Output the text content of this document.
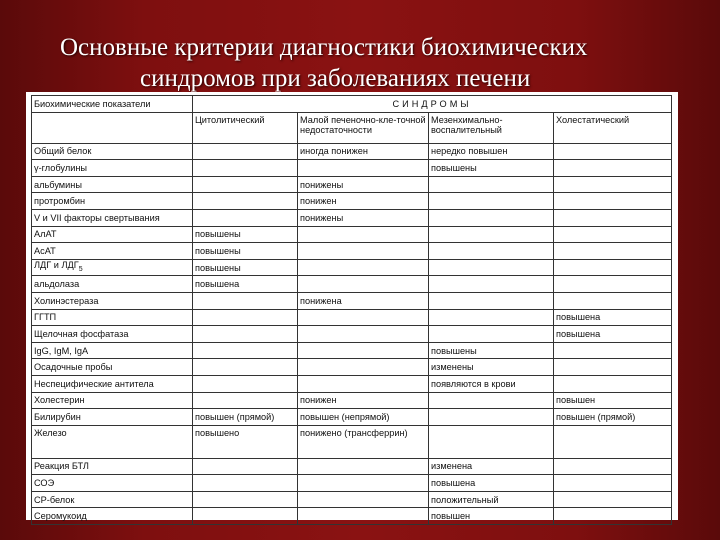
Основные критерии диагностики биохимических
синдромов при заболеваниях печени
Биохимические показатели	СИНДРОМЫ			
	Цитолитический	Малой печеночно-кле-точной недостаточности	Мезенхимально-воспалительный	Холестатический
Общий белок		иногда понижен	нередко повышен	
γ-глобулины			повышены	
альбумины		понижены		
протромбин		понижен		
V и VII факторы свертывания		понижены		
АлАТ	повышены			
АсАТ	повышены			
ЛДГ и $ЛДГ_5$	повышены			
альдолаза	повышена			
Холинэстераза		понижена		
ГГТП				повышена
Щелочная фосфатаза				повышена
IgG, IgM, IgA			повышены	
Осадочные пробы			изменены	
Неспецифические антитела			появляются в крови	
Холестерин		понижен		повышен
Билирубин	повышен (прямой)	повышен (непрямой)		повышен (прямой)
Железо	повышено	понижено (трансферрин)		
Реакция БТЛ			изменена	
СОЭ			повышена	
СР-белок			положительный	
Серомукоид			повышен	
